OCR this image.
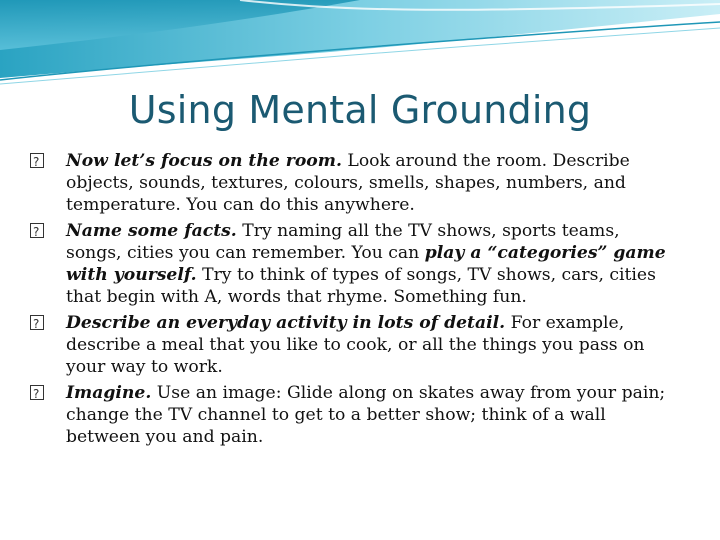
Using Mental Grounding
?
Now let’s focus on the room. Look around the room. Describe objects, sounds, textures, colours, smells, shapes, numbers, and temperature. You can do this anywhere.
?
Name some facts. Try naming all the TV shows, sports teams, songs, cities you can remember. You can play a “categories” game with yourself. Try to think of types of songs, TV shows, cars, cities that begin with A, words that rhyme. Something fun.
?
Describe an everyday activity in lots of detail. For example, describe a meal that you like to cook, or all the things you pass on your way to work.
?
Imagine. Use an image: Glide along on skates away from your pain; change the TV channel to get to a better show; think of a wall between you and pain.
